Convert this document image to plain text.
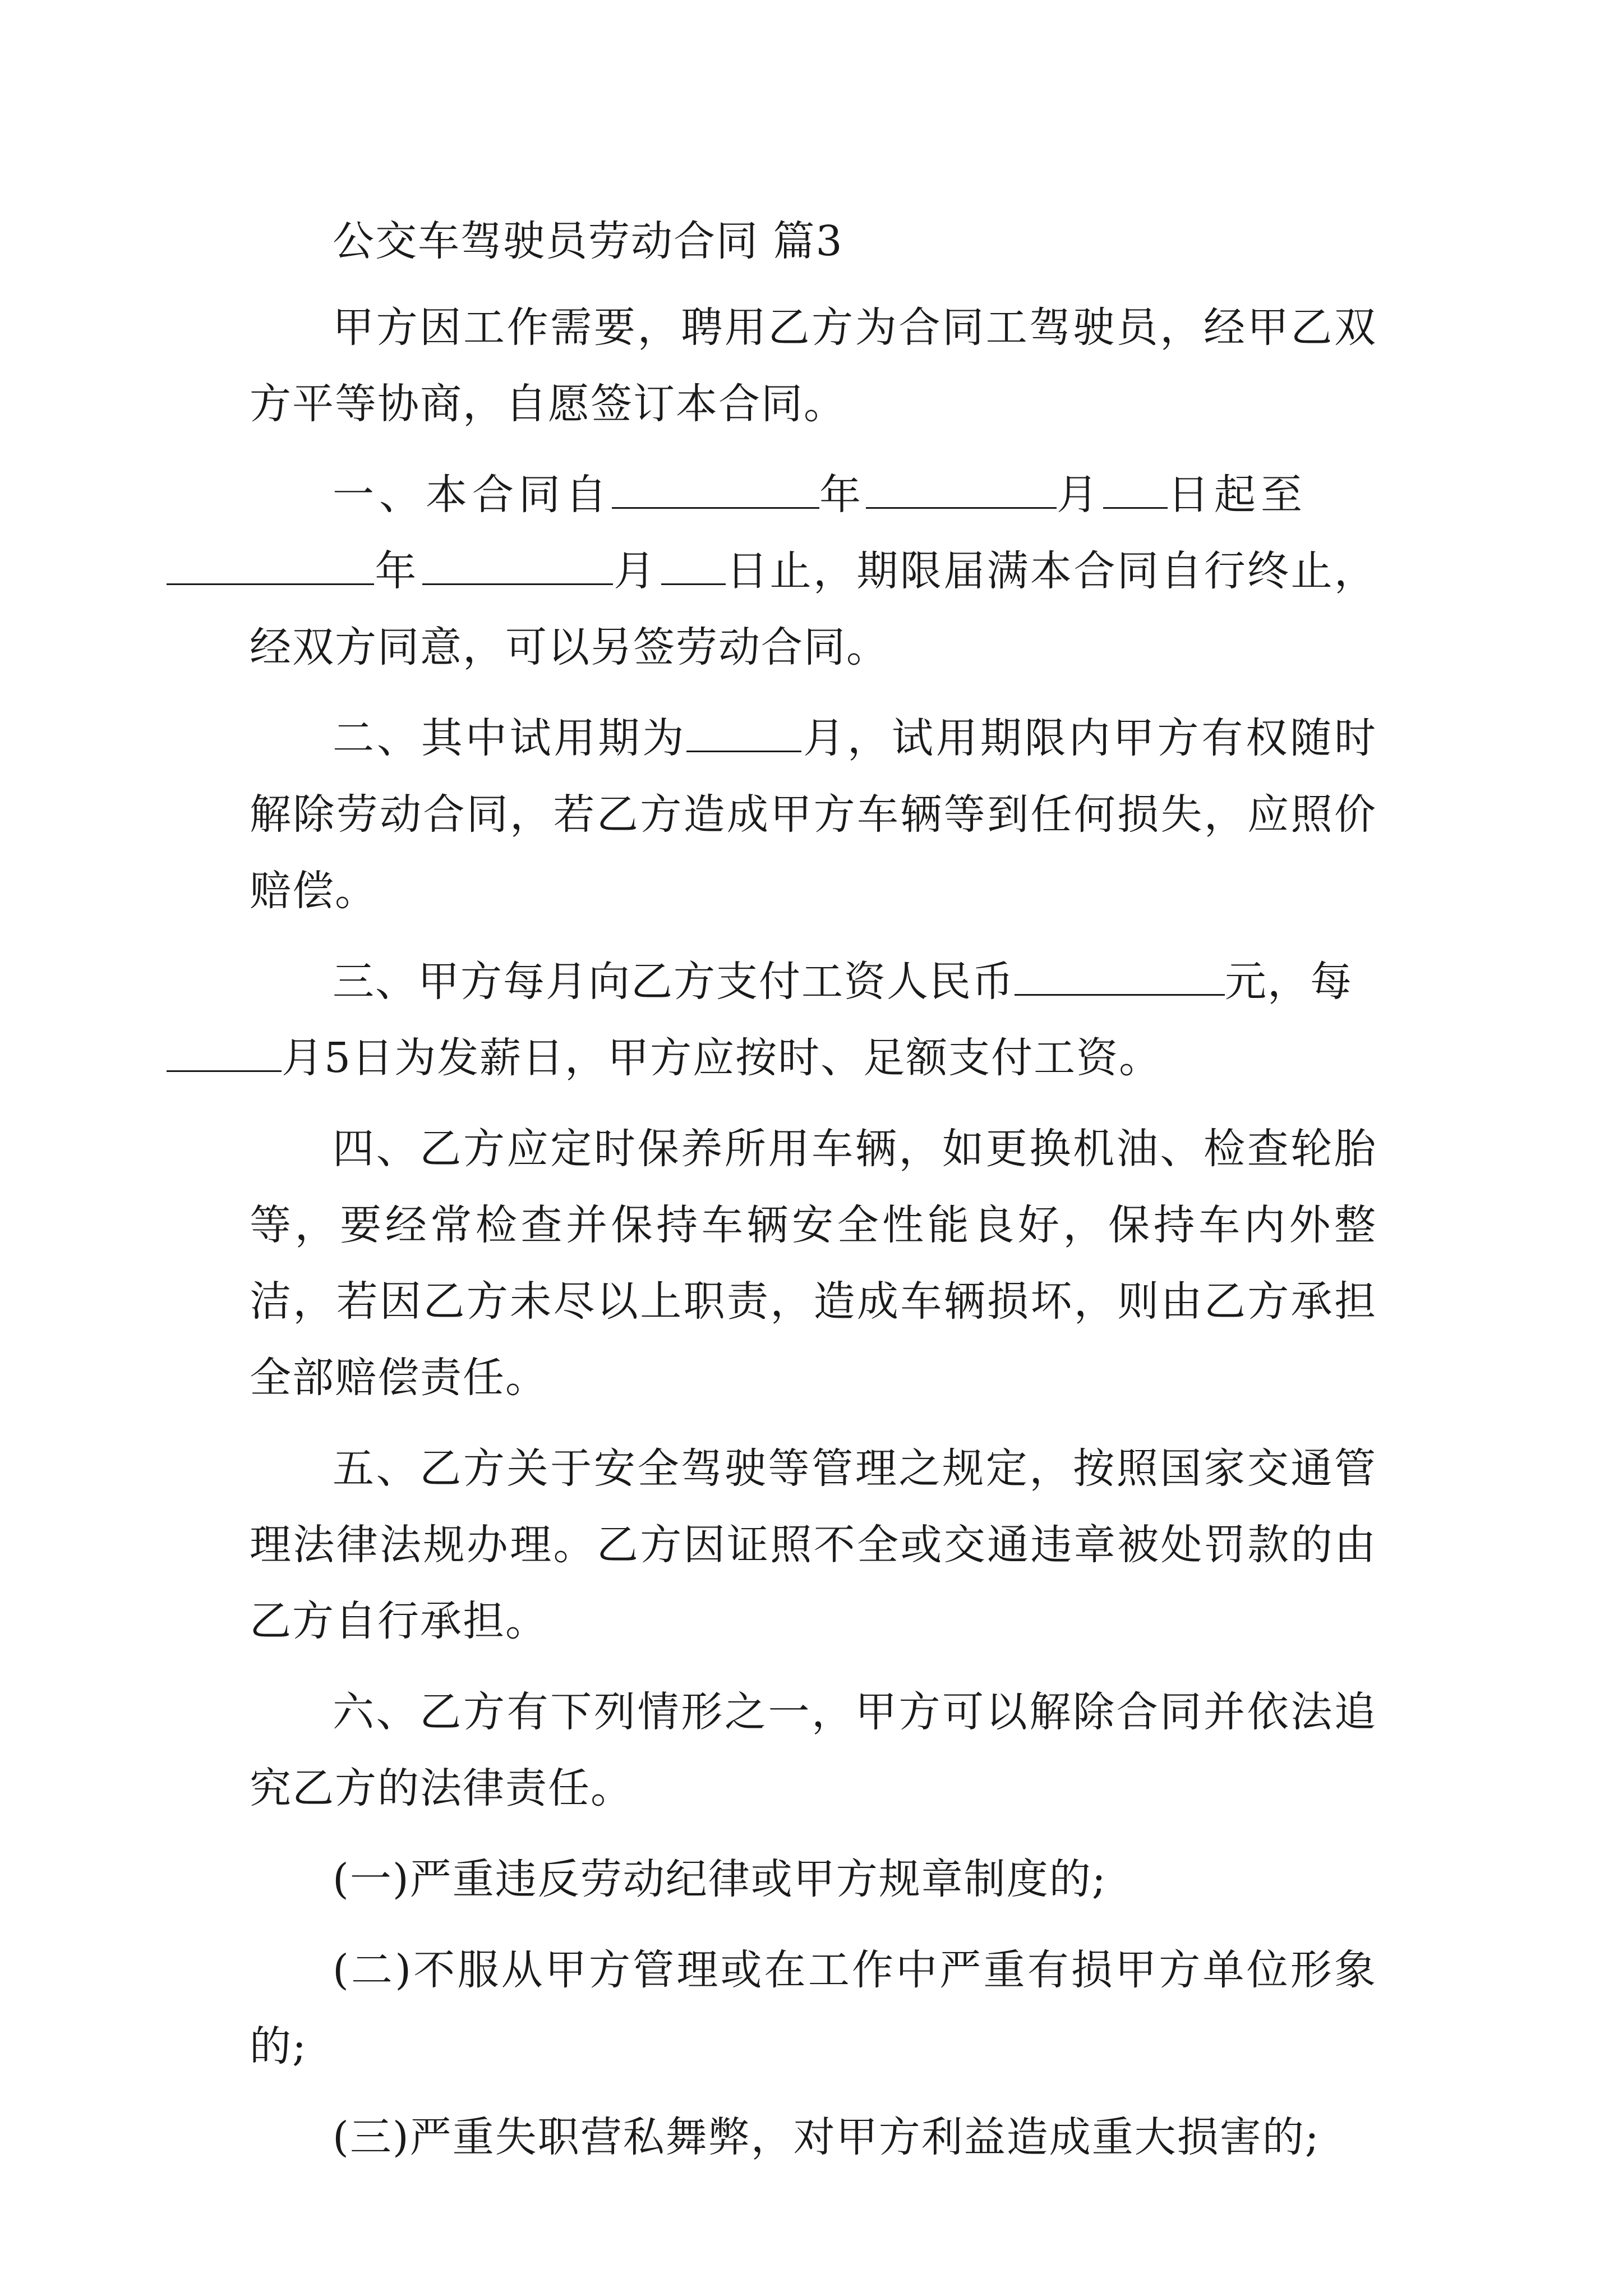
公交车驾驶员劳动合同 篇3

甲方因工作需要，聘用乙方为合同工驾驶员，经甲乙双方平等协商，自愿签订本合同。

一、本合同自	年	月 日起至
年	月 日止，期限届满本合同自行终止，经双方同意，可以另签劳动合同。

二、其中试用期为	月，试用期限内甲方有权随时解除劳动合同，若乙方造成甲方车辆等到任何损失，应照价赔偿。

三、甲方每月向乙方支付工资人民币	元，每
月5日为发薪日，甲方应按时、足额支付工资。

四、乙方应定时保养所用车辆，如更换机油、检查轮胎等，要经常检查并保持车辆安全性能良好，保持车内外整洁，若因乙方未尽以上职责，造成车辆损坏，则由乙方承担全部赔偿责任。

五、乙方关于安全驾驶等管理之规定，按照国家交通管理法律法规办理。乙方因证照不全或交通违章被处罚款的由乙方自行承担。

六、乙方有下列情形之一，甲方可以解除合同并依法追究乙方的法律责任。

(一)严重违反劳动纪律或甲方规章制度的;

(二)不服从甲方管理或在工作中严重有损甲方单位形象的;

(三)严重失职营私舞弊，对甲方利益造成重大损害的;
